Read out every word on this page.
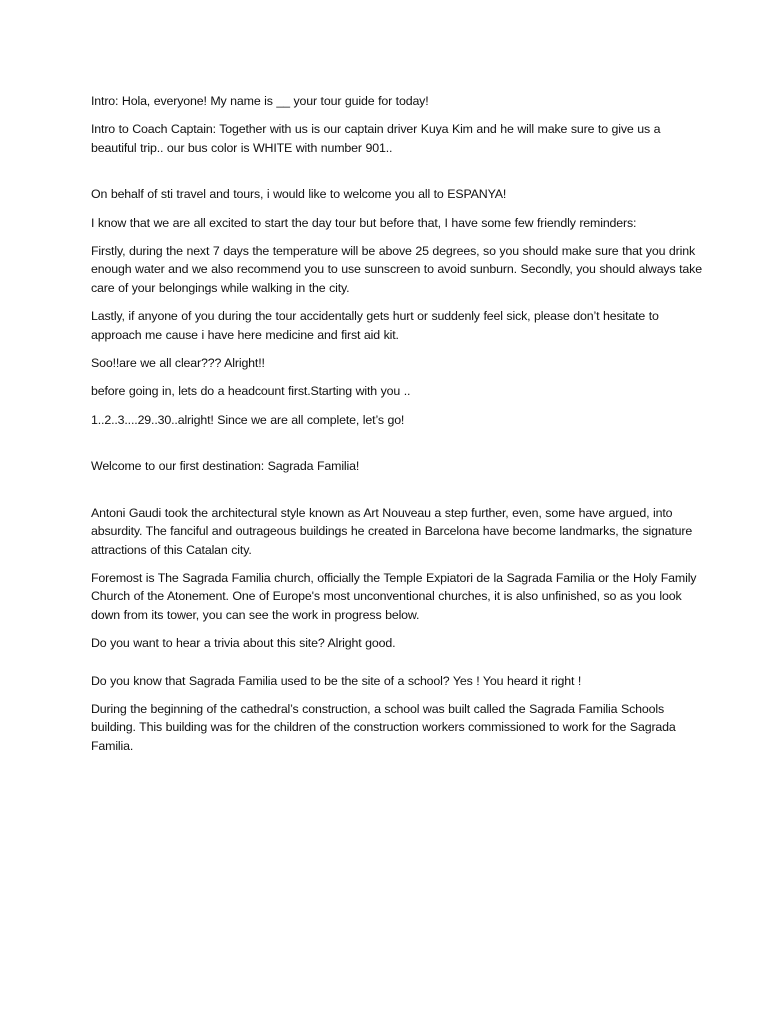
Intro: Hola, everyone! My name is __ your tour guide for today!

Intro to Coach Captain: Together with us is our captain driver Kuya Kim and he will make sure to give us a beautiful trip.. our bus color is WHITE with number 901..

On behalf of sti travel and tours, i would like to welcome you all to ESPANYA!

I know that we are all excited to start the day tour but before that, I have some few friendly reminders:

Firstly, during the next 7 days the temperature will be above 25 degrees, so you should make sure that you drink enough water and we also recommend you to use sunscreen to avoid sunburn. Secondly, you should always take care of your belongings while walking in the city.

Lastly, if anyone of you during the tour accidentally gets hurt or suddenly feel sick, please don’t hesitate to approach me cause i have here medicine and first aid kit.

Soo!!are we all clear??? Alright!!

before going in, lets do a headcount first.Starting with you ..

1..2..3....29..30..alright! Since we are all complete, let’s go!

Welcome to our first destination: Sagrada Familia!

Antoni Gaudi took the architectural style known as Art Nouveau a step further, even, some have argued, into absurdity. The fanciful and outrageous buildings he created in Barcelona have become landmarks, the signature attractions of this Catalan city.

Foremost is The Sagrada Familia church, officially the Temple Expiatori de la Sagrada Familia or the Holy Family Church of the Atonement. One of Europe's most unconventional churches, it is also unfinished, so as you look down from its tower, you can see the work in progress below.

Do you want to hear a trivia about this site? Alright good.

Do you know that Sagrada Familia used to be the site of a school? Yes ! You heard it right !

During the beginning of the cathedral’s construction, a school was built called the Sagrada Familia Schools building. This building was for the children of the construction workers commissioned to work for the Sagrada Familia.
